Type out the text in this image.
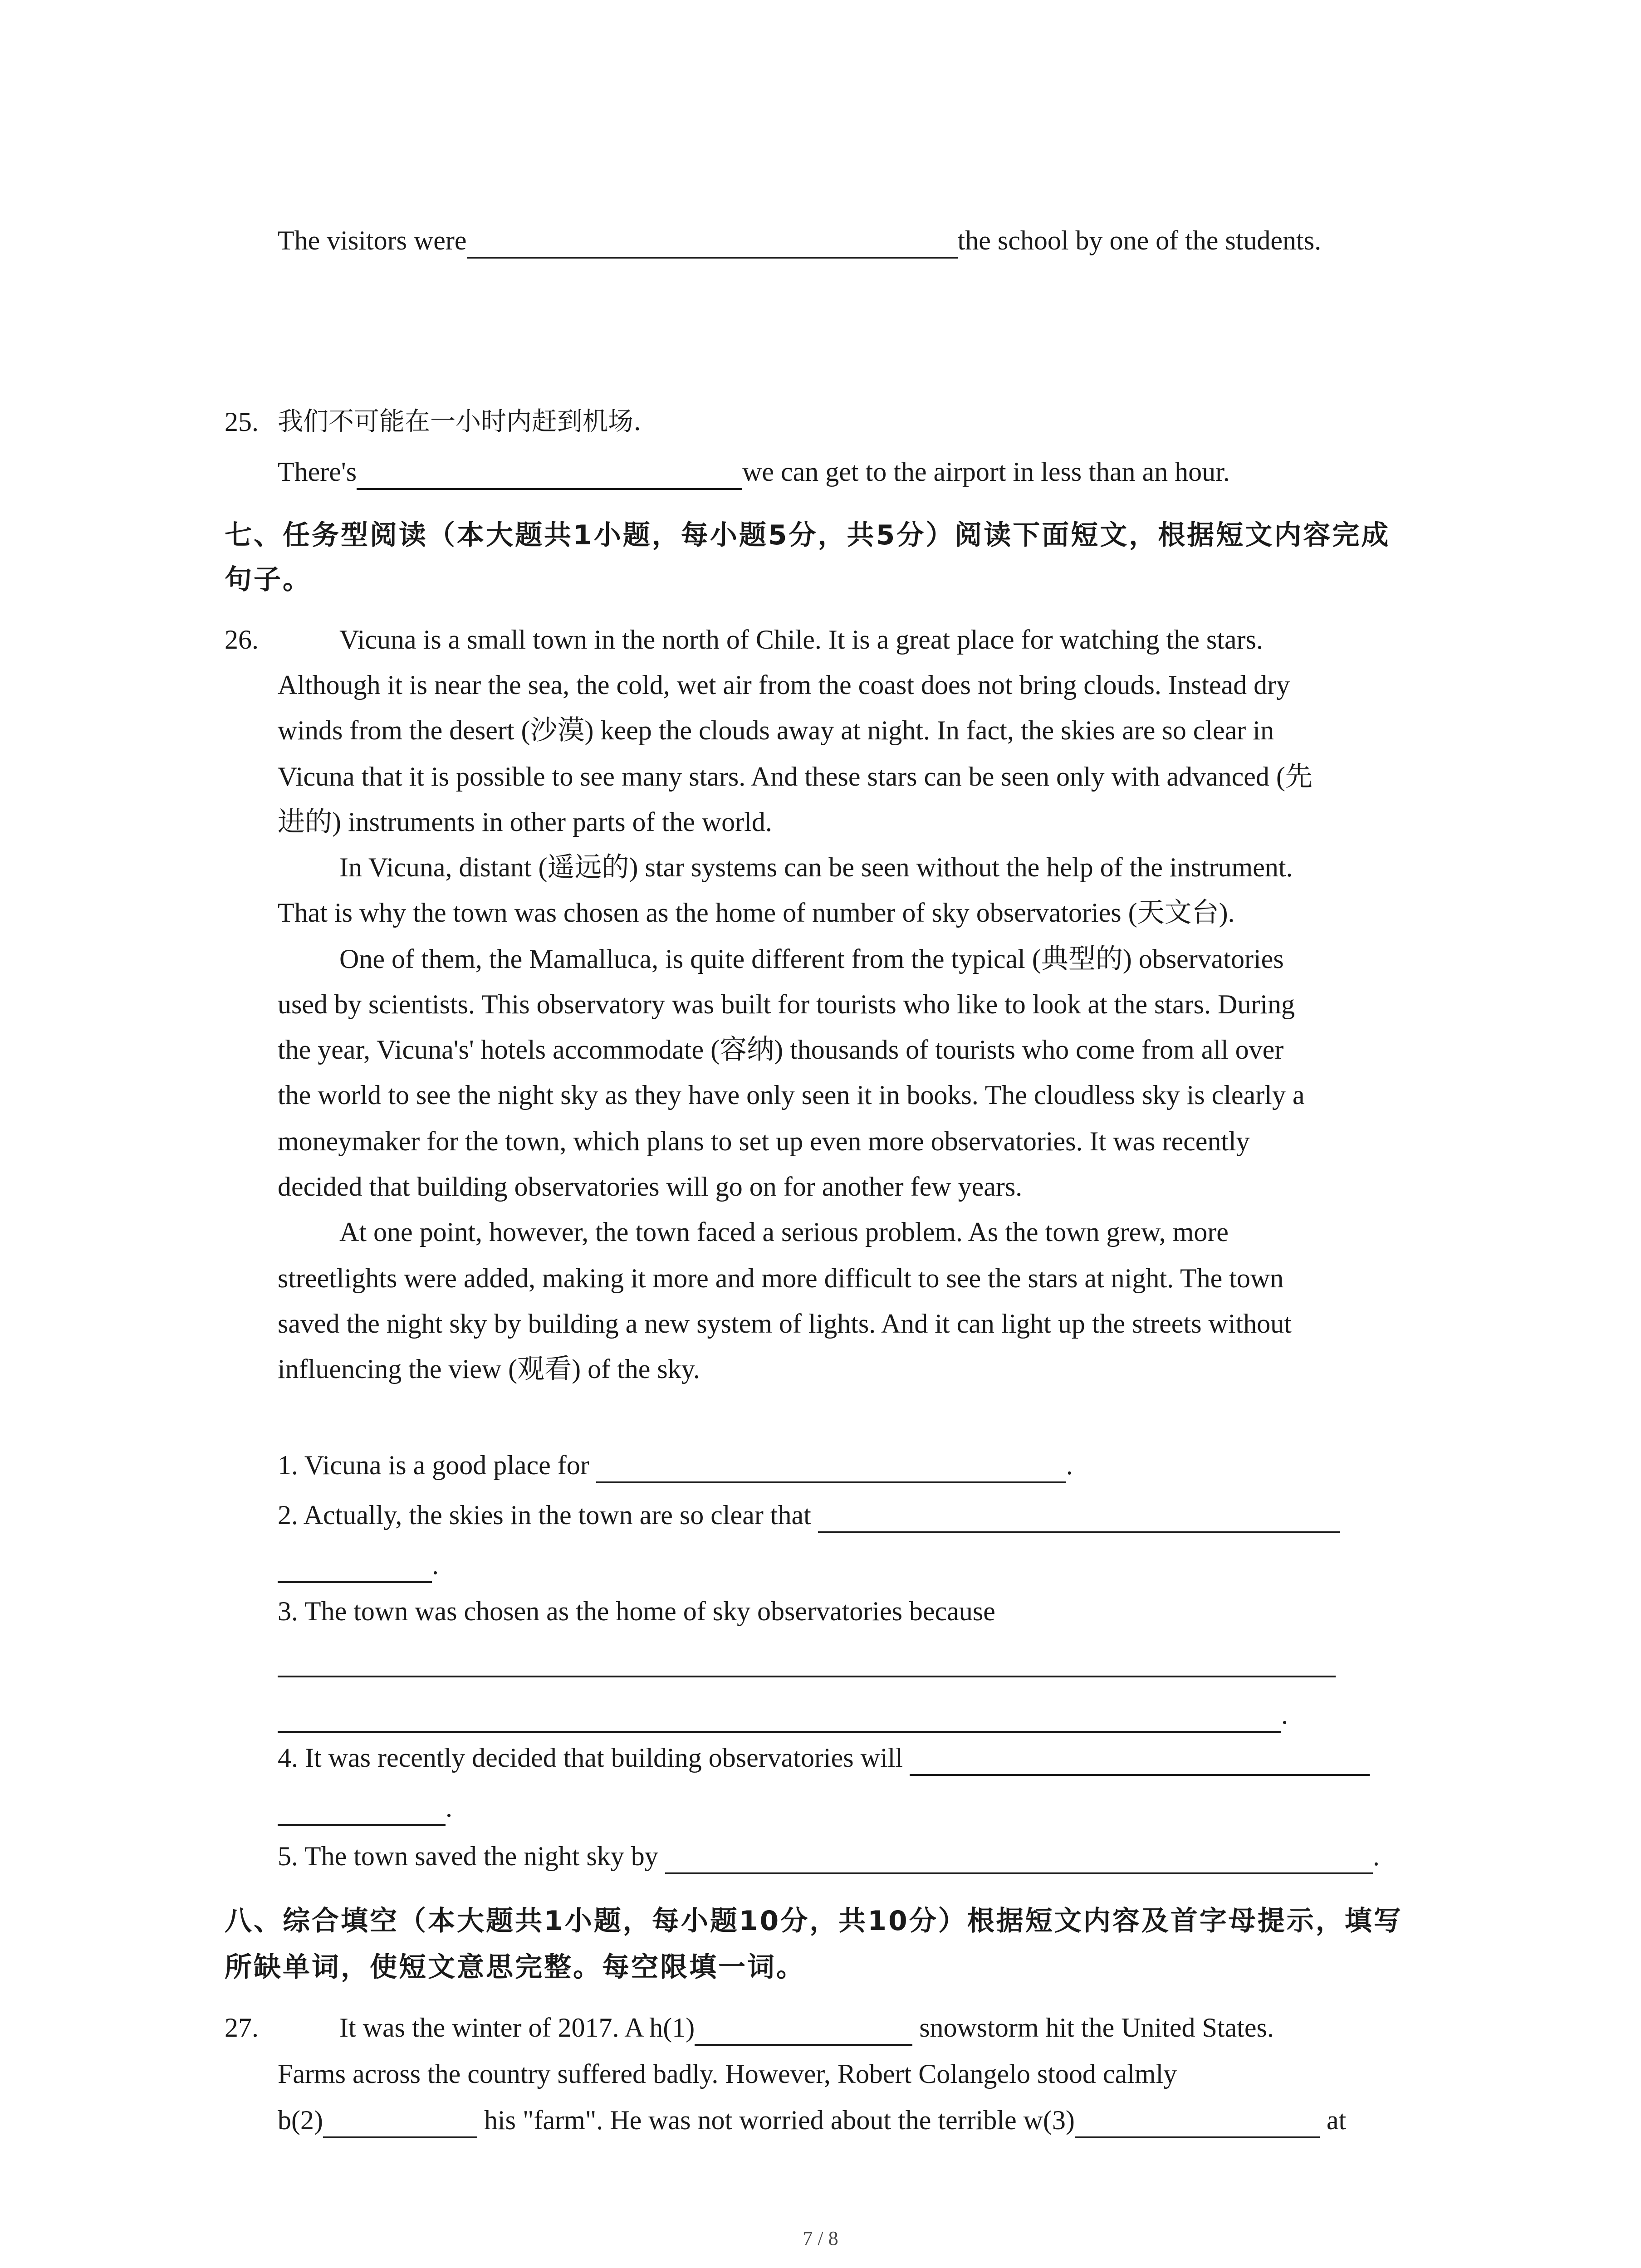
The visitors were	the school by one of the students.
25. 我们不可能在一小时内赶到机场.
There's	we can get to the airport in less than an hour.
七、任务型阅读（本大题共1小题，每小题5分，共5分）阅读下面短文，根据短文内容完成
句子。
26.	Vicuna is a small town in the north of Chile. It is a great place for watching the stars.
Although it is near the sea, the cold, wet air from the coast does not bring clouds. Instead dry
winds from the desert (沙漠) keep the clouds away at night. In fact, the skies are so clear in
Vicuna that it is possible to see many stars. And these stars can be seen only with advanced (先
进的) instruments in other parts of the world.
In Vicuna, distant (遥远的) star systems can be seen without the help of the instrument.
That is why the town was chosen as the home of number of sky observatories (天文台).
One of them, the Mamalluca, is quite different from the typical (典型的) observatories
used by scientists. This observatory was built for tourists who like to look at the stars. During
the year, Vicuna's' hotels accommodate (容纳) thousands of tourists who come from all over
the world to see the night sky as they have only seen it in books. The cloudless sky is clearly a
moneymaker for the town, which plans to set up even more observatories. It was recently
decided that building observatories will go on for another few years.
At one point, however, the town faced a serious problem. As the town grew, more
streetlights were added, making it more and more difficult to see the stars at night. The town
saved the night sky by building a new system of lights. And it can light up the streets without
influencing the view (观看) of the sky.
1. Vicuna is a good place for	.
2. Actually, the skies in the town are so clear that
.
3. The town was chosen as the home of sky observatories because
.
4. It was recently decided that building observatories will
.
5. The town saved the night sky by	.
八、综合填空（本大题共1小题，每小题10分，共10分）根据短文内容及首字母提示，填写
所缺单词，使短文意思完整。每空限填一词。
27.	It was the winter of 2017. A h(1)	snowstorm hit the United States.
Farms across the country suffered badly. However, Robert Colangelo stood calmly
b(2)	his "farm". He was not worried about the terrible w(3)	at
7 / 8
